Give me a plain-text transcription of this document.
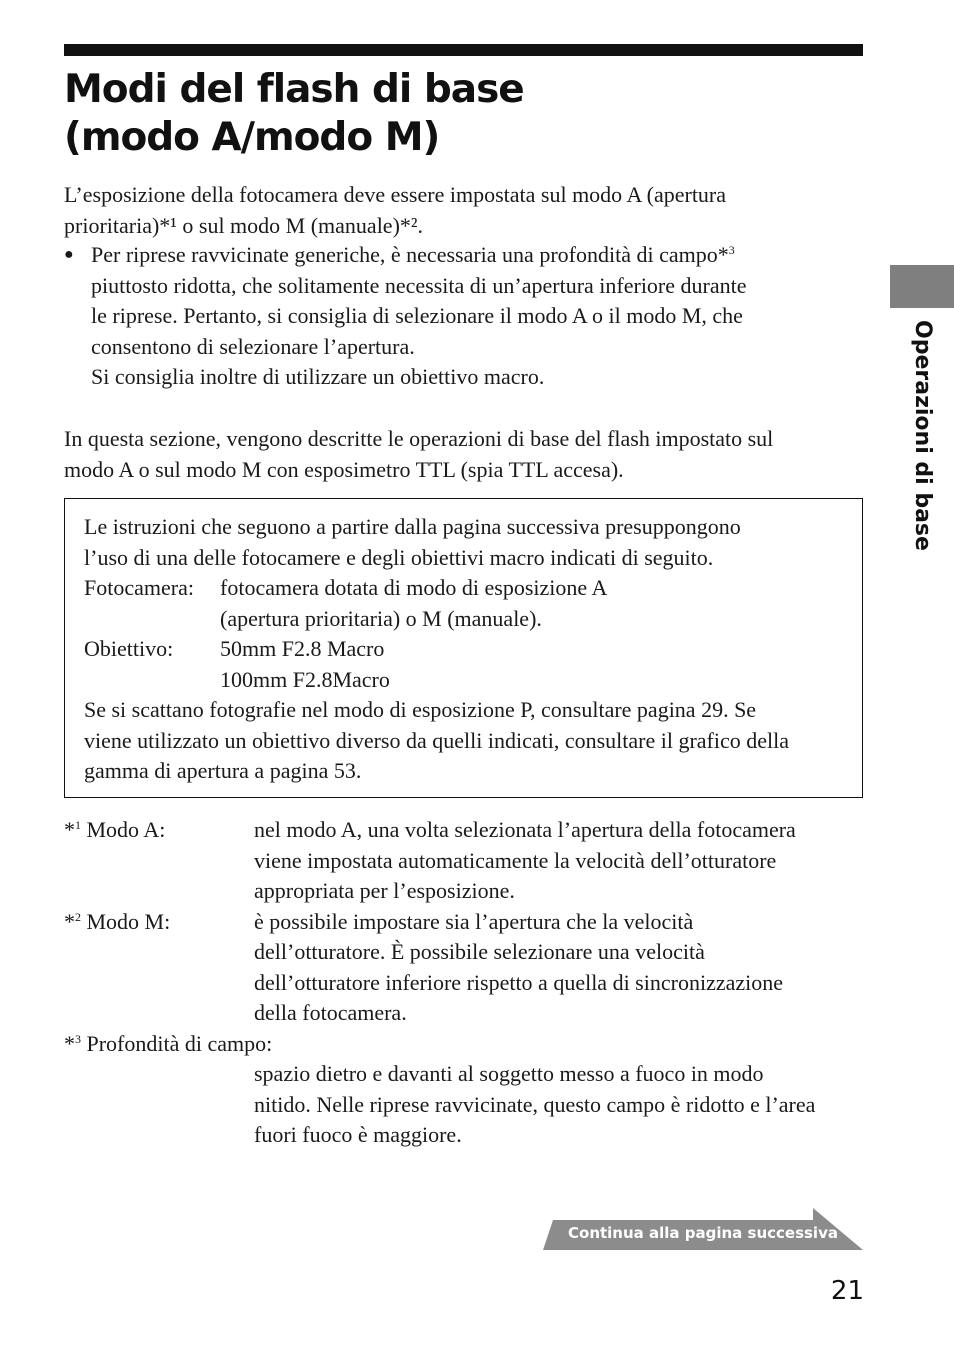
Modi del flash di base
(modo A/modo M)
L’esposizione della fotocamera deve essere impostata sul modo A (apertura
prioritaria)*¹ o sul modo M (manuale)*².
● Per riprese ravvicinate generiche, è necessaria una profondità di campo*$^3$
piuttosto ridotta, che solitamente necessita di un’apertura inferiore durante
le riprese. Pertanto, si consiglia di selezionare il modo A o il modo M, che
consentono di selezionare l’apertura.
Si consiglia inoltre di utilizzare un obiettivo macro.
In questa sezione, vengono descritte le operazioni di base del flash impostato sul
modo A o sul modo M con esposimetro TTL (spia TTL accesa).
Le istruzioni che seguono a partire dalla pagina successiva presuppongono
l’uso di una delle fotocamere e degli obiettivi macro indicati di seguito.
Fotocamera: fotocamera dotata di modo di esposizione A
(apertura prioritaria) o M (manuale).
Obiettivo: 50mm F2.8 Macro
100mm F2.8Macro
Se si scattano fotografie nel modo di esposizione P, consultare pagina 29. Se
viene utilizzato un obiettivo diverso da quelli indicati, consultare il grafico della
gamma di apertura a pagina 53.
*$^1$ Modo A:	nel modo A, una volta selezionata l’apertura della fotocamera
viene impostata automaticamente la velocità dell’otturatore
appropriata per l’esposizione.
*$^2$ Modo M:	è possibile impostare sia l’apertura che la velocità
dell’otturatore. È possibile selezionare una velocità
dell’otturatore inferiore rispetto a quella di sincronizzazione
della fotocamera.
*$^3$ Profondità di campo:
spazio dietro e davanti al soggetto messo a fuoco in modo
nitido. Nelle riprese ravvicinate, questo campo è ridotto e l’area
fuori fuoco è maggiore.
Operazioni di base
Continua alla pagina successiva
21
